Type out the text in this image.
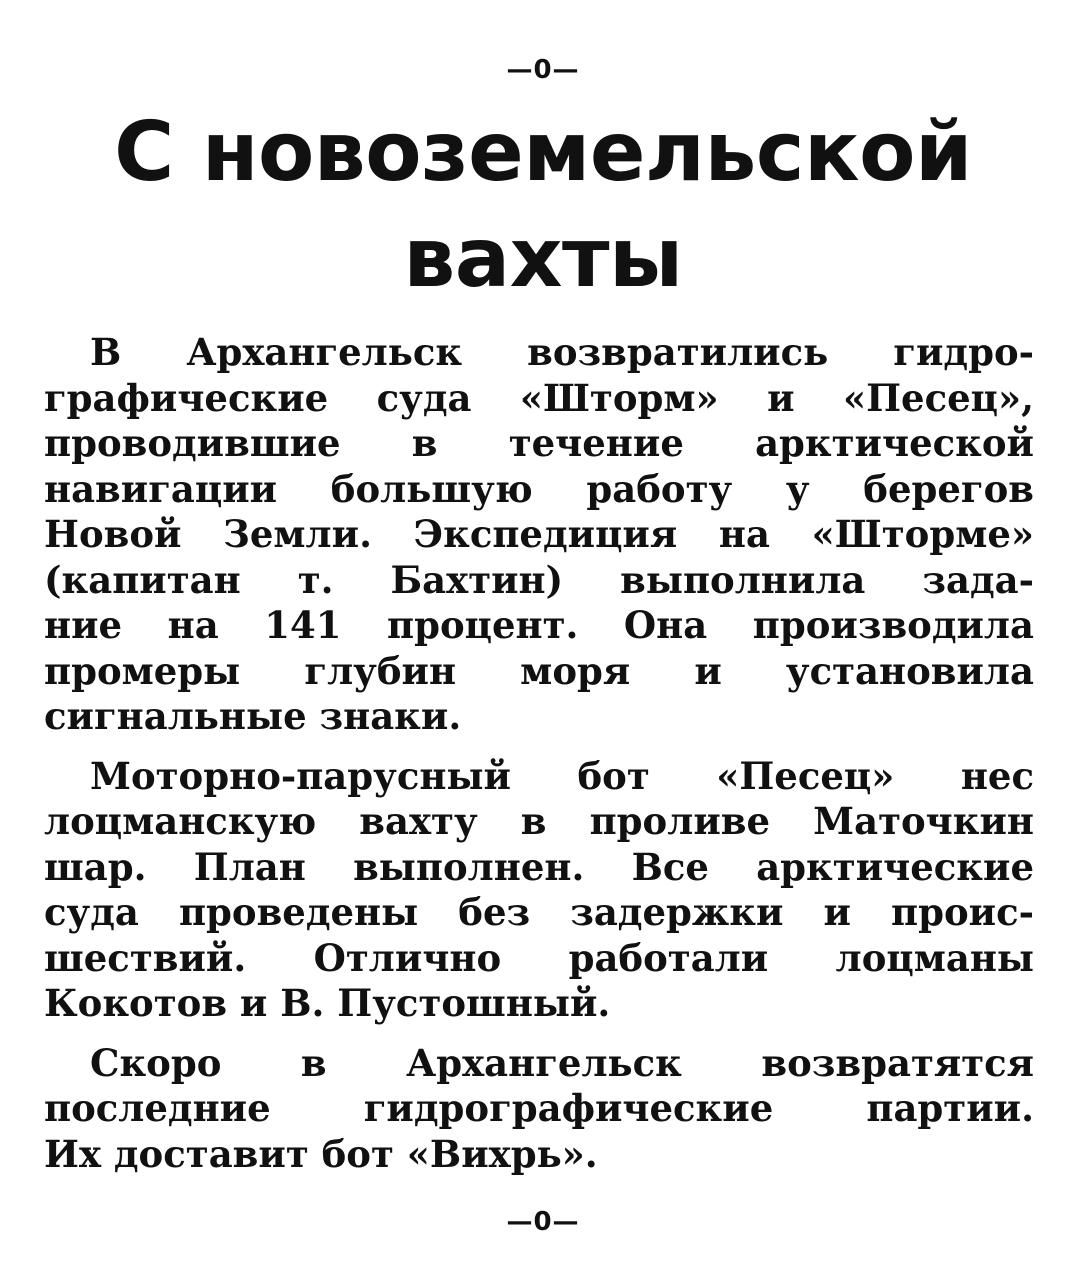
—0—
С новоземельской
вахты

В Архангельск возвратились гидро-
графические суда «Шторм» и «Песец»,
проводившие в течение арктической
навигации большую работу у берегов
Новой Земли. Экспедиция на «Шторме»
(капитан т. Бахтин) выполнила зада-
ние на 141 процент. Она производила
промеры глубин моря и установила
сигнальные знаки.

Моторно-парусный бот «Песец» нес
лоцманскую вахту в проливе Маточкин
шар. План выполнен. Все арктические
суда проведены без задержки и проис-
шествий. Отлично работали лоцманы
Кокотов и В. Пустошный.

Скоро в Архангельск возвратятся
последние гидрографические партии.
Их доставит бот «Вихрь».

—0—
